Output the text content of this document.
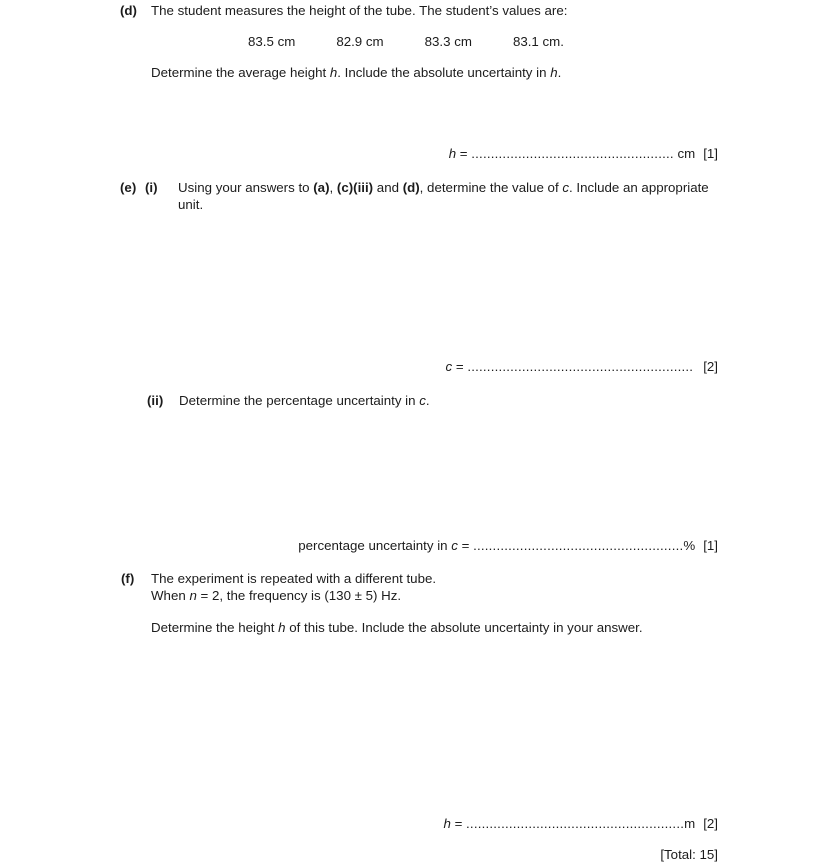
(d) The student measures the height of the tube. The student’s values are:
83.5 cm	82.9 cm	83.3 cm	83.1 cm.
Determine the average height h. Include the absolute uncertainty in h.
h = .................................................... cm [1]
(e) (i) Using your answers to (a), (c)(iii) and (d), determine the value of c. Include an appropriate
unit.
c = .......................................................... [2]
(ii) Determine the percentage uncertainty in c.
percentage uncertainty in c = ......................................................% [1]
(f) The experiment is repeated with a different tube.
When n = 2, the frequency is (130 ± 5) Hz.
Determine the height h of this tube. Include the absolute uncertainty in your answer.
h = ........................................................m [2]
[Total: 15]
